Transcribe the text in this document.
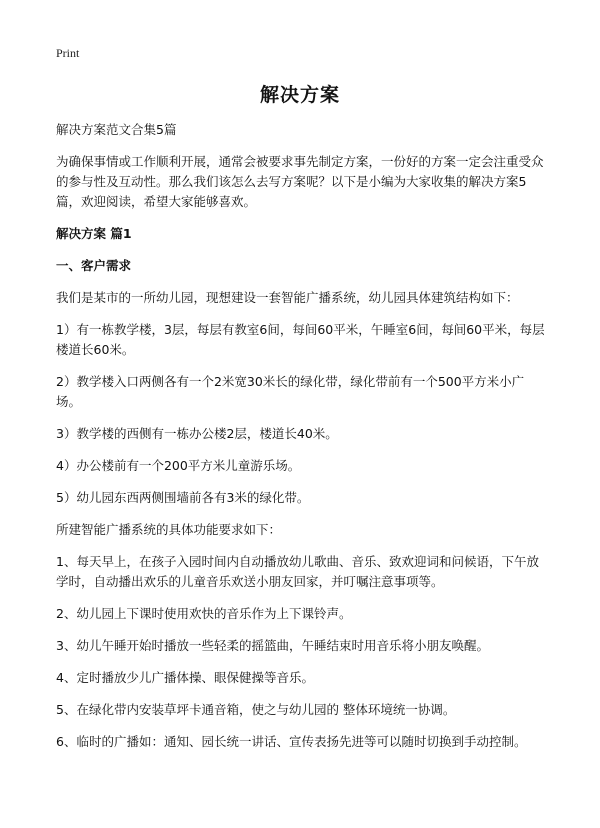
Print
解决方案

解决方案范文合集5篇

为确保事情或工作顺利开展，通常会被要求事先制定方案，一份好的方案一定会注重受众的参与性及互动性。那么我们该怎么去写方案呢？以下是小编为大家收集的解决方案5篇，欢迎阅读，希望大家能够喜欢。

解决方案 篇1
一、客户需求

我们是某市的一所幼儿园，现想建设一套智能广播系统，幼儿园具体建筑结构如下：

1）有一栋教学楼，3层，每层有教室6间，每间60平米，午睡室6间，每间60平米，每层楼道长60米。

2）教学楼入口两侧各有一个2米宽30米长的绿化带，绿化带前有一个500平方米小广场。

3）教学楼的西侧有一栋办公楼2层，楼道长40米。

4）办公楼前有一个200平方米儿童游乐场。

5）幼儿园东西两侧围墙前各有3米的绿化带。

所建智能广播系统的具体功能要求如下：

1、每天早上，在孩子入园时间内自动播放幼儿歌曲、音乐、致欢迎词和问候语，下午放学时，自动播出欢乐的儿童音乐欢送小朋友回家，并叮嘱注意事项等。

2、幼儿园上下课时使用欢快的音乐作为上下课铃声。

3、幼儿午睡开始时播放一些轻柔的摇篮曲，午睡结束时用音乐将小朋友唤醒。

4、定时播放少儿广播体操、眼保健操等音乐。

5、在绿化带内安装草坪卡通音箱，使之与幼儿园的 整体环境统一协调。

6、临时的广播如：通知、园长统一讲话、宣传表扬先进等可以随时切换到手动控制。
